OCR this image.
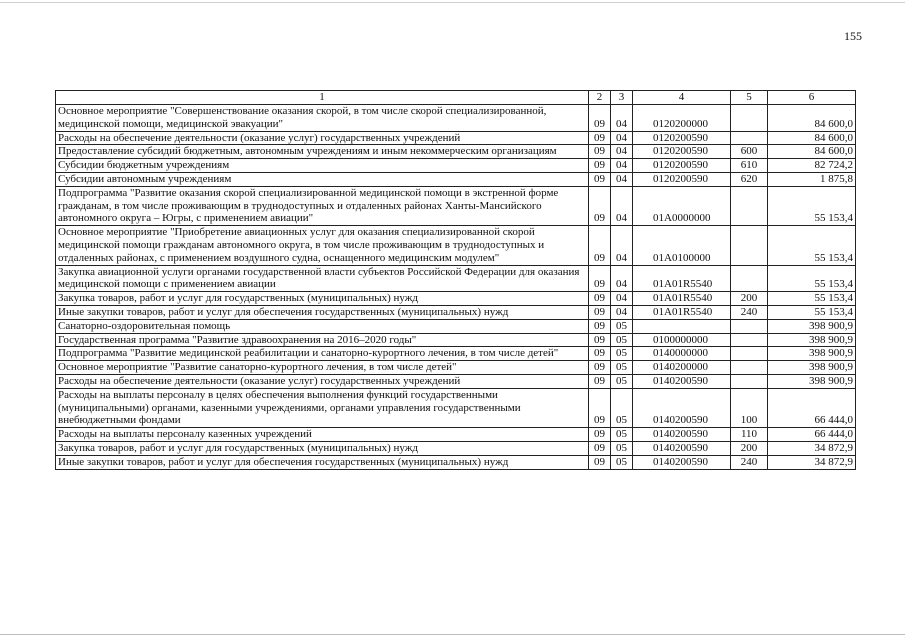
155
1	2	3	4	5	6
Основное мероприятие "Совершенствование оказания скорой, в том числе скорой специализированной, медицинской помощи, медицинской эвакуации"	09	04	0120200000		84 600,0
Расходы на обеспечение деятельности (оказание услуг) государственных учреждений	09	04	0120200590		84 600,0
Предоставление субсидий бюджетным, автономным учреждениям и иным некоммерческим организациям	09	04	0120200590	600	84 600,0
Субсидии бюджетным учреждениям	09	04	0120200590	610	82 724,2
Субсидии автономным учреждениям	09	04	0120200590	620	1 875,8
Подпрограмма "Развитие оказания скорой специализированной медицинской помощи в экстренной форме гражданам, в том числе проживающим в труднодоступных и отдаленных районах Ханты-Мансийского автономного округа – Югры, с применением авиации"	09	04	01А0000000		55 153,4
Основное мероприятие "Приобретение авиационных услуг для оказания специализированной скорой медицинской помощи гражданам автономного округа, в том числе проживающим в труднодоступных и отдаленных районах, с применением воздушного судна, оснащенного медицинским модулем"	09	04	01А0100000		55 153,4
Закупка авиационной услуги органами государственной власти субъектов Российской Федерации для оказания медицинской помощи с применением авиации	09	04	01А01R5540		55 153,4
Закупка товаров, работ и услуг для государственных (муниципальных) нужд	09	04	01А01R5540	200	55 153,4
Иные закупки товаров, работ и услуг для обеспечения государственных (муниципальных) нужд	09	04	01А01R5540	240	55 153,4
Санаторно-оздоровительная помощь	09	05			398 900,9
Государственная программа "Развитие здравоохранения на 2016–2020 годы"	09	05	0100000000		398 900,9
Подпрограмма "Развитие медицинской реабилитации и санаторно-курортного лечения, в том числе детей"	09	05	0140000000		398 900,9
Основное мероприятие "Развитие санаторно-курортного лечения, в том числе детей"	09	05	0140200000		398 900,9
Расходы на обеспечение деятельности (оказание услуг) государственных учреждений	09	05	0140200590		398 900,9
Расходы на выплаты персоналу в целях обеспечения выполнения функций государственными (муниципальными) органами, казенными учреждениями, органами управления государственными внебюджетными фондами	09	05	0140200590	100	66 444,0
Расходы на выплаты персоналу казенных учреждений	09	05	0140200590	110	66 444,0
Закупка товаров, работ и услуг для государственных (муниципальных) нужд	09	05	0140200590	200	34 872,9
Иные закупки товаров, работ и услуг для обеспечения государственных (муниципальных) нужд	09	05	0140200590	240	34 872,9
